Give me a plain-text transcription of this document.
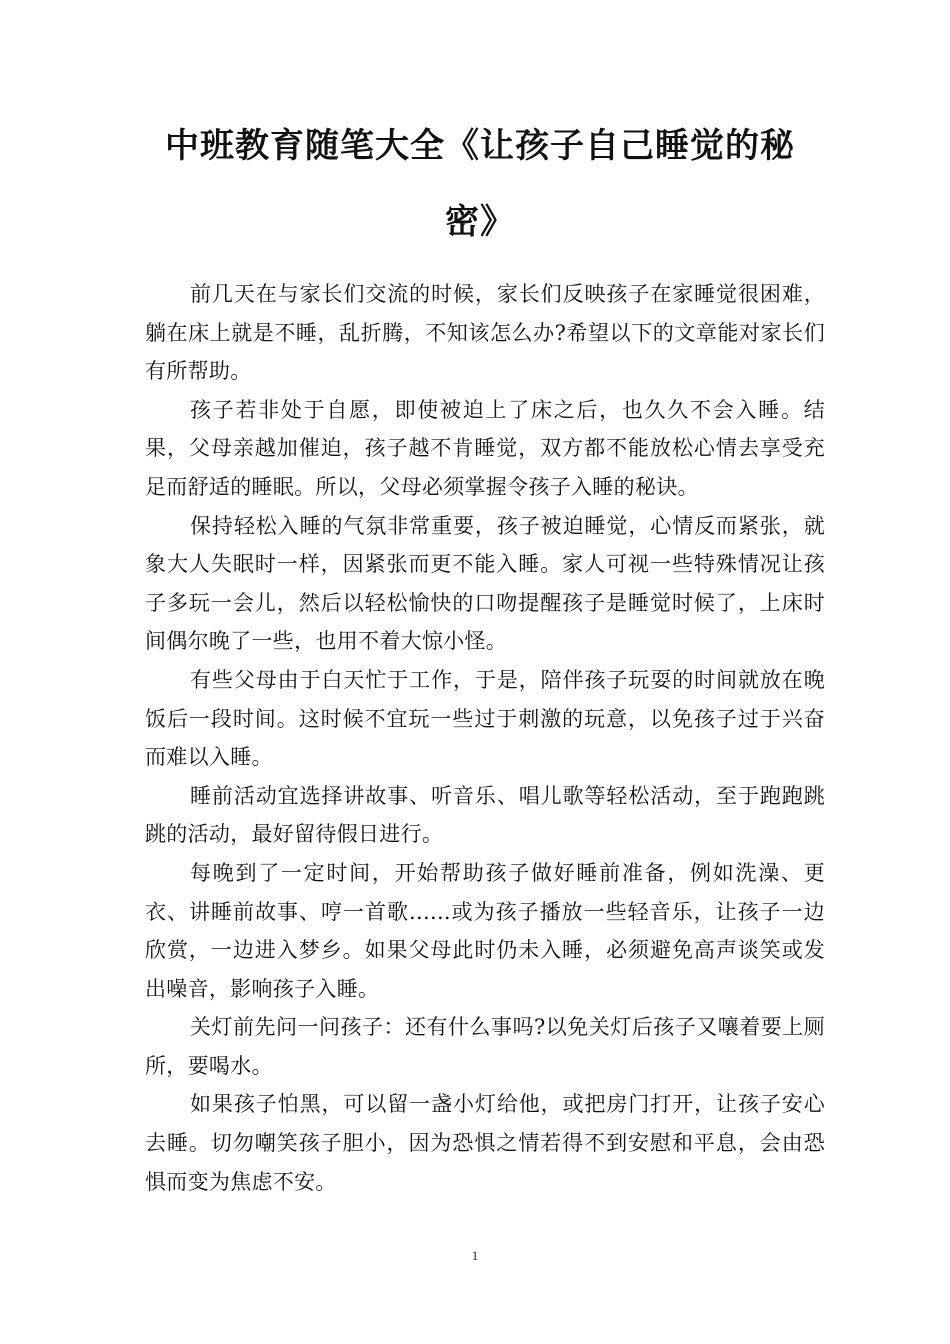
中班教育随笔大全《让孩子自己睡觉的秘
密》

前几天在与家长们交流的时候，家长们反映孩子在家睡觉很困难，躺在床上就是不睡，乱折腾，不知该怎么办?希望以下的文章能对家长们有所帮助。

孩子若非处于自愿，即使被迫上了床之后，也久久不会入睡。结果，父母亲越加催迫，孩子越不肯睡觉，双方都不能放松心情去享受充足而舒适的睡眠。所以，父母必须掌握令孩子入睡的秘诀。

保持轻松入睡的气氛非常重要，孩子被迫睡觉，心情反而紧张，就象大人失眠时一样，因紧张而更不能入睡。家人可视一些特殊情况让孩子多玩一会儿，然后以轻松愉快的口吻提醒孩子是睡觉时候了，上床时间偶尔晚了一些，也用不着大惊小怪。

有些父母由于白天忙于工作，于是，陪伴孩子玩耍的时间就放在晚饭后一段时间。这时候不宜玩一些过于刺激的玩意，以免孩子过于兴奋而难以入睡。

睡前活动宜选择讲故事、听音乐、唱儿歌等轻松活动，至于跑跑跳跳的活动，最好留待假日进行。

每晚到了一定时间，开始帮助孩子做好睡前准备，例如洗澡、更衣、讲睡前故事、哼一首歌......或为孩子播放一些轻音乐，让孩子一边欣赏，一边进入梦乡。如果父母此时仍未入睡，必须避免高声谈笑或发出噪音，影响孩子入睡。

关灯前先问一问孩子：还有什么事吗?以免关灯后孩子又嚷着要上厕所，要喝水。

如果孩子怕黑，可以留一盏小灯给他，或把房门打开，让孩子安心去睡。切勿嘲笑孩子胆小，因为恐惧之情若得不到安慰和平息，会由恐惧而变为焦虑不安。

1
